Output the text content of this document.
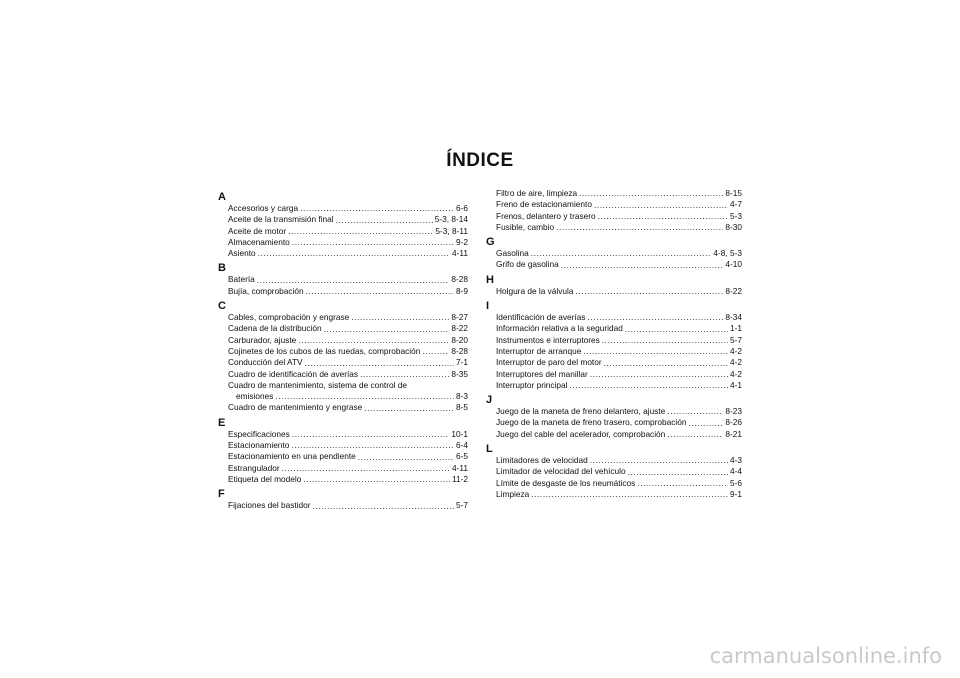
ÍNDICE
A
Accesorios y carga .....	6-6
Aceite de la transmisión final .....	5-3, 8-14
Aceite de motor .....	5-3, 8-11
Almacenamiento .....	9-2
Asiento .....	4-11
B
Batería .....	8-28
Bujía, comprobación .....	8-9
C
Cables, comprobación y engrase .....	8-27
Cadena de la distribución .....	8-22
Carburador, ajuste .....	8-20
Cojinetes de los cubos de las ruedas, comprobación .....	8-28
Conducción del ATV .....	7-1
Cuadro de identificación de averías .....	8-35
Cuadro de mantenimiento, sistema de control de
emisiones .....	8-3
Cuadro de mantenimiento y engrase .....	8-5
E
Especificaciones .....	10-1
Estacionamiento .....	6-4
Estacionamiento en una pendiente .....	6-5
Estrangulador .....	4-11
Etiqueta del modelo .....	11-2
F
Fijaciones del bastidor .....	5-7
Filtro de aire, limpieza .....	8-15
Freno de estacionamiento .....	4-7
Frenos, delantero y trasero .....	5-3
Fusible, cambio .....	8-30
G
Gasolina .....	4-8, 5-3
Grifo de gasolina .....	4-10
H
Holgura de la válvula .....	8-22
I
Identificación de averías .....	8-34
Información relativa a la seguridad .....	1-1
Instrumentos e interruptores .....	5-7
Interruptor de arranque .....	4-2
Interruptor de paro del motor .....	4-2
Interruptores del manillar .....	4-2
Interruptor principal .....	4-1
J
Juego de la maneta de freno delantero, ajuste .....	8-23
Juego de la maneta de freno trasero, comprobación .....	8-26
Juego del cable del acelerador, comprobación .....	8-21
L
Limitadores de velocidad .....	4-3
Limitador de velocidad del vehículo .....	4-4
Límite de desgaste de los neumáticos .....	5-6
Limpieza .....	9-1
carmanualsonline.info
